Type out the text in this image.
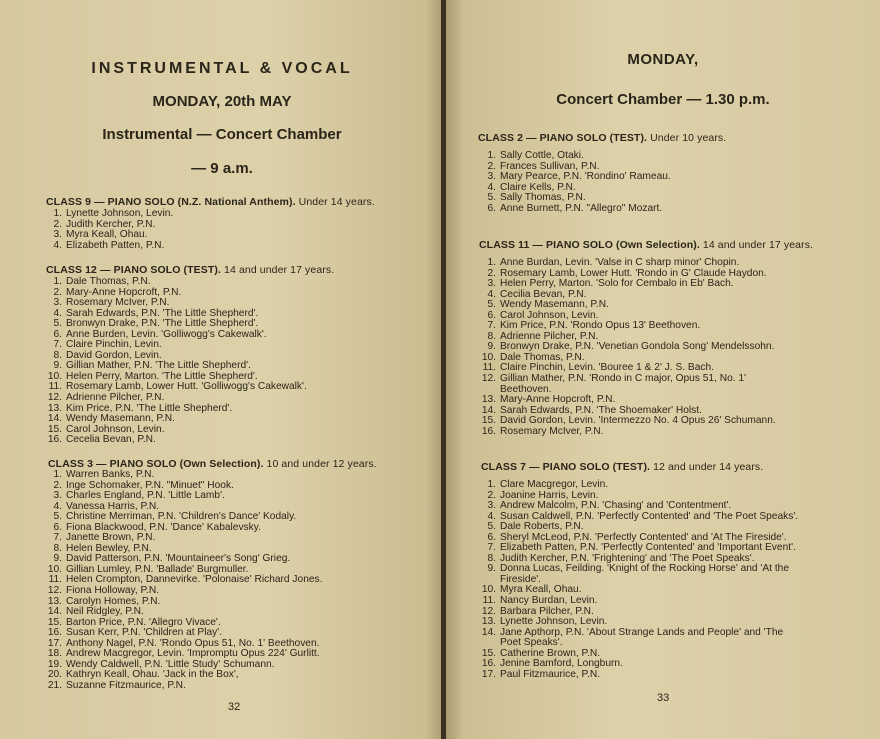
INSTRUMENTAL & VOCAL
MONDAY, 20th MAY
Instrumental — Concert Chamber
— 9 a.m.
CLASS 9 — PIANO SOLO (N.Z. National Anthem). Under 14 years.
1. Lynette Johnson, Levin.
2. Judith Kercher, P.N.
3. Myra Keall, Ohau.
4. Elizabeth Patten, P.N.
CLASS 12 — PIANO SOLO (TEST). 14 and under 17 years.
1. Dale Thomas, P.N.
2. Mary-Anne Hopcroft, P.N.
3. Rosemary McIver, P.N.
4. Sarah Edwards, P.N. 'The Little Shepherd'.
5. Bronwyn Drake, P.N. 'The Little Shepherd'.
6. Anne Burden, Levin. 'Golliwogg's Cakewalk'.
7. Claire Pinchin, Levin.
8. David Gordon, Levin.
9. Gillian Mather, P.N. 'The Little Shepherd'.
10. Helen Perry, Marton. 'The Little Shepherd'.
11. Rosemary Lamb, Lower Hutt. 'Golliwogg's Cakewalk'.
12. Adrienne Pilcher, P.N.
13. Kim Price, P.N. 'The Little Shepherd'.
14. Wendy Masemann, P.N.
15. Carol Johnson, Levin.
16. Cecelia Bevan, P.N.
CLASS 3 — PIANO SOLO (Own Selection). 10 and under 12 years.
1. Warren Banks, P.N.
2. Inge Schomaker, P.N. "Minuet" Hook.
3. Charles England, P.N. 'Little Lamb'.
4. Vanessa Harris, P.N.
5. Christine Merriman, P.N. 'Children's Dance' Kodaly.
6. Fiona Blackwood, P.N. 'Dance' Kabalevsky.
7. Janette Brown, P.N.
8. Helen Bewley, P.N.
9. David Patterson, P.N. 'Mountaineer's Song' Grieg.
10. Gillian Lumley, P.N. 'Ballade' Burgmuller.
11. Helen Crompton, Dannevirke. 'Polonaise' Richard Jones.
12. Fiona Holloway, P.N.
13. Carolyn Homes, P.N.
14. Neil Ridgley, P.N.
15. Barton Price, P.N. 'Allegro Vivace'.
16. Susan Kerr, P.N. 'Children at Play'.
17. Anthony Nagel, P.N. 'Rondo Opus 51, No. 1' Beethoven.
18. Andrew Macgregor, Levin. 'Impromptu Opus 224' Gurlitt.
19. Wendy Caldwell, P.N. 'Little Study' Schumann.
20. Kathryn Keall, Ohau. 'Jack in the Box',
21. Suzanne Fitzmaurice, P.N.
32
MONDAY,
Concert Chamber — 1.30 p.m.
CLASS 2 — PIANO SOLO (TEST). Under 10 years.
1. Sally Cottle, Otaki.
2. Frances Sullivan, P.N.
3. Mary Pearce, P.N. 'Rondino' Rameau.
4. Claire Kells, P.N.
5. Sally Thomas, P.N.
6. Anne Burnett, P.N. "Allegro" Mozart.
CLASS 11 — PIANO SOLO (Own Selection). 14 and under 17 years.
1. Anne Burdan, Levin. 'Valse in C sharp minor' Chopin.
2. Rosemary Lamb, Lower Hutt. 'Rondo in G' Claude Haydon.
3. Helen Perry, Marton. 'Solo for Cembalo in Eb' Bach.
4. Cecilia Bevan, P.N.
5. Wendy Masemann, P.N.
6. Carol Johnson, Levin.
7. Kim Price, P.N. 'Rondo Opus 13' Beethoven.
8. Adrienne Pilcher, P.N.
9. Bronwyn Drake, P.N. 'Venetian Gondola Song' Mendelssohn.
10. Dale Thomas, P.N.
11. Claire Pinchin, Levin. 'Bouree 1 & 2' J. S. Bach.
12. Gillian Mather, P.N. 'Rondo in C major, Opus 51, No. 1'
Beethoven.
13. Mary-Anne Hopcroft, P.N.
14. Sarah Edwards, P.N. 'The Shoemaker' Holst.
15. David Gordon, Levin. 'Intermezzo No. 4 Opus 26' Schumann.
16. Rosemary McIver, P.N.
CLASS 7 — PIANO SOLO (TEST). 12 and under 14 years.
1. Clare Macgregor, Levin.
2. Joanine Harris, Levin.
3. Andrew Malcolm, P.N. 'Chasing' and 'Contentment'.
4. Susan Caldwell, P.N. 'Perfectly Contented' and 'The Poet Speaks'.
5. Dale Roberts, P.N.
6. Sheryl McLeod, P.N. 'Perfectly Contented' and 'At The Fireside'.
7. Elizabeth Patten, P.N. 'Perfectly Contented' and 'Important Event'.
8. Judith Kercher, P.N. 'Frightening' and 'The Poet Speaks'.
9. Donna Lucas, Feilding. 'Knight of the Rocking Horse' and 'At the
Fireside'.
10. Myra Keall, Ohau.
11. Nancy Burdan, Levin.
12. Barbara Pilcher, P.N.
13. Lynette Johnson, Levin.
14. Jane Apthorp, P.N. 'About Strange Lands and People' and 'The
Poet Speaks'.
15. Catherine Brown, P.N.
16. Jenine Bamford, Longburn.
17. Paul Fitzmaurice, P.N.
33
